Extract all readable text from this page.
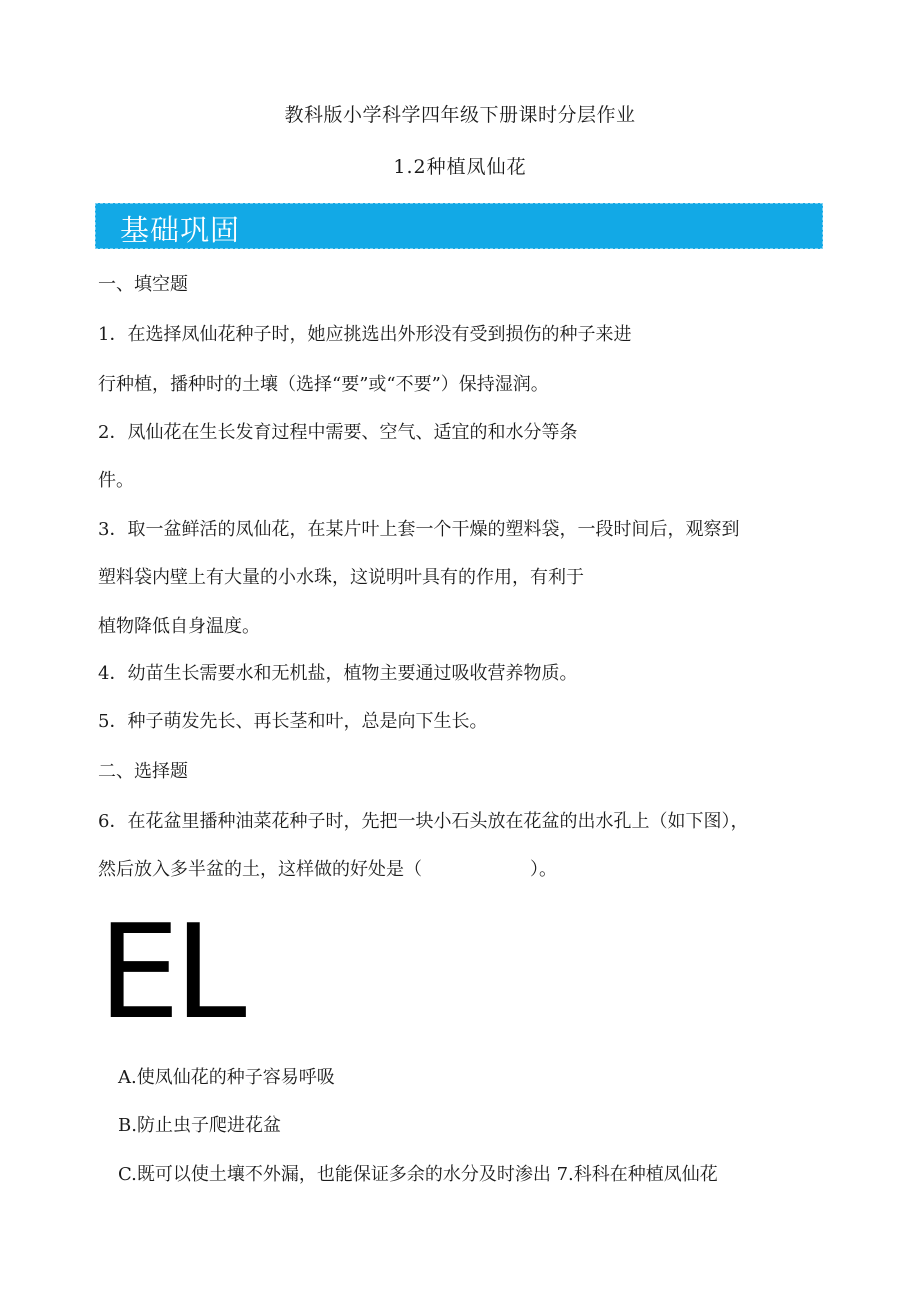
教科版小学科学四年级下册课时分层作业
1.2种植凤仙花
基础巩固
一、填空题
1．在选择凤仙花种子时，她应挑选出外形没有受到损伤的种子来进
行种植，播种时的土壤（选择“要”或“不要”）保持湿润。
2．凤仙花在生长发育过程中需要、空气、适宜的和水分等条
件。
3．取一盆鲜活的凤仙花，在某片叶上套一个干燥的塑料袋，一段时间后，观察到
塑料袋内壁上有大量的小水珠，这说明叶具有的作用，有利于
植物降低自身温度。
4．幼苗生长需要水和无机盐，植物主要通过吸收营养物质。
5．种子萌发先长、再长茎和叶，总是向下生长。
二、选择题
6．在花盆里播种油菜花种子时，先把一块小石头放在花盆的出水孔上（如下图），
然后放入多半盆的土，这样做的好处是（　　　　　　）。
EL
A.使凤仙花的种子容易呼吸
B.防止虫子爬进花盆
C.既可以使土壤不外漏，也能保证多余的水分及时渗出 7.科科在种植凤仙花
